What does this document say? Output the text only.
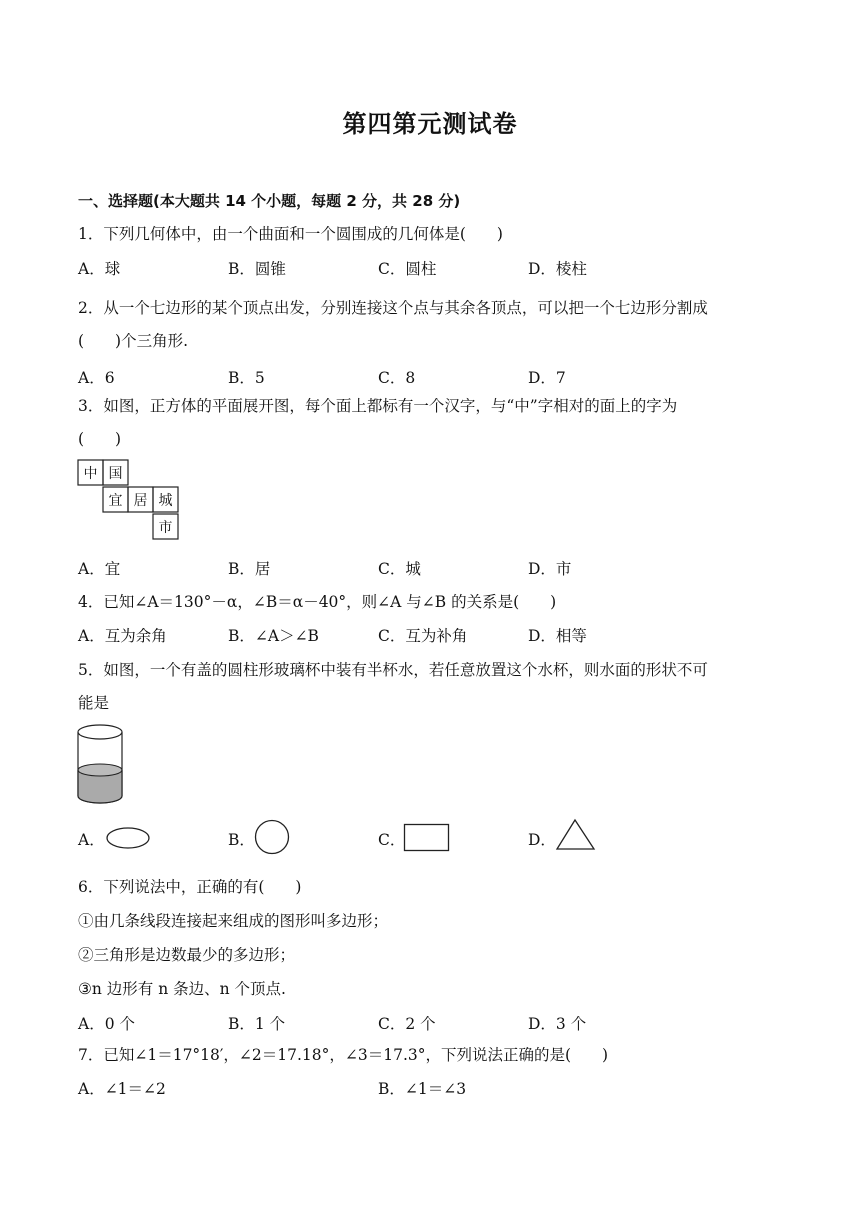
第四第元测试卷
一、选择题(本大题共 14 个小题，每题 2 分，共 28 分)
1．下列几何体中，由一个曲面和一个圆围成的几何体是(　　)
A．球	B．圆锥	C．圆柱	D．棱柱
2．从一个七边形的某个顶点出发，分别连接这个点与其余各顶点，可以把一个七边形分割成
(　　)个三角形.
A．6	B．5	C．8	D．7
3．如图，正方体的平面展开图，每个面上都标有一个汉字，与“中”字相对的面上的字为
(　　)
中 国
宜 居 城
市
A．宜	B．居	C．城	D．市
4．已知∠A＝130°－α，∠B＝α－40°，则∠A 与∠B 的关系是(　　)
A．互为余角	B．∠A＞∠B	C．互为补角	D．相等
5．如图，一个有盖的圆柱形玻璃杯中装有半杯水，若任意放置这个水杯，则水面的形状不可
能是
A．	B．	C．	D．
6．下列说法中，正确的有(　　)
①由几条线段连接起来组成的图形叫多边形；
②三角形是边数最少的多边形；
③n 边形有 n 条边、n 个顶点.
A．0 个	B．1 个	C．2 个	D．3 个
7．已知∠1＝17°18′，∠2＝17.18°，∠3＝17.3°，下列说法正确的是(　　)
A．∠1＝∠2	B．∠1＝∠3
